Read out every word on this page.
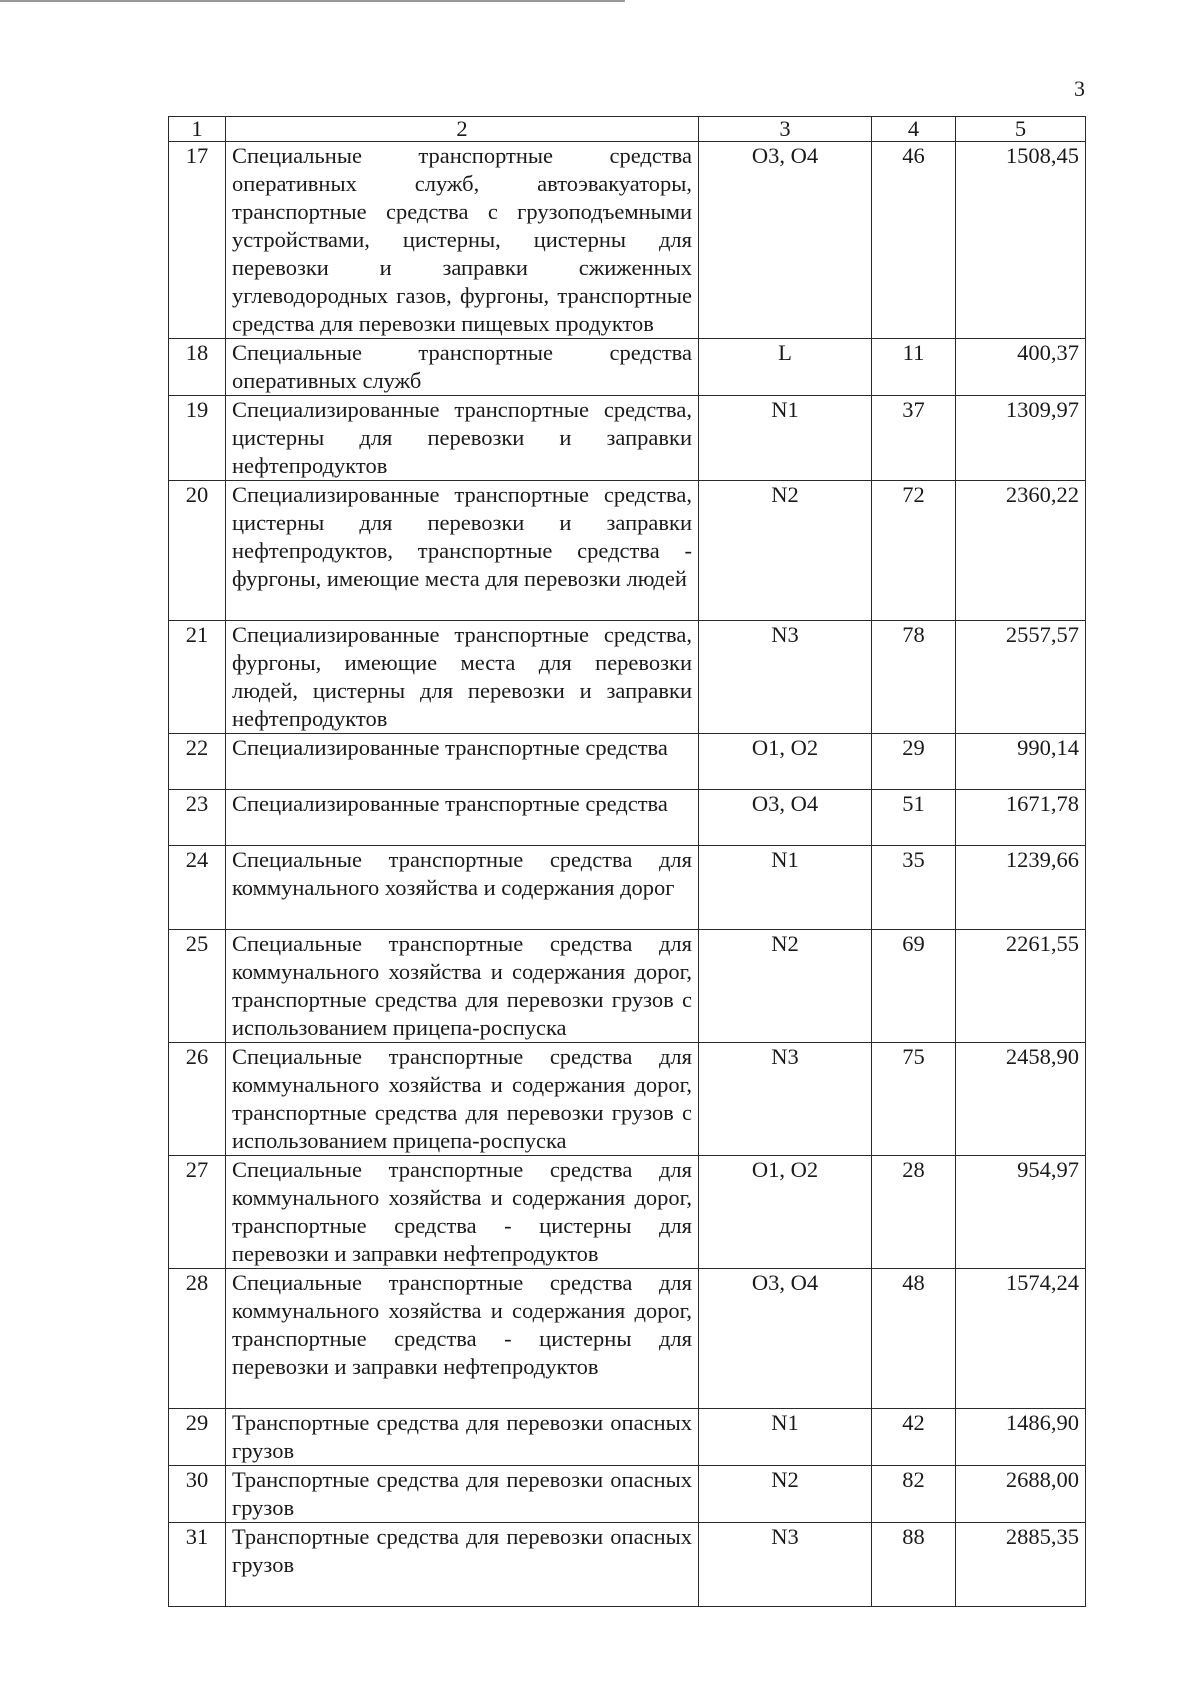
3
1	2	3	4	5
17	Специальные транспортные средства оперативных служб, автоэвакуаторы, транспортные средства с грузоподъемными устройствами, цистерны, цистерны для перевозки и заправки сжиженных углеводородных газов, фургоны, транспортные средства для перевозки пищевых продуктов	О3, О4	46	1508,45
18	Специальные транспортные средства оперативных служб	L	11	400,37
19	Специализированные транспортные средства, цистерны для перевозки и заправки нефтепродуктов	N1	37	1309,97
20	Специализированные транспортные средства, цистерны для перевозки и заправки нефтепродуктов, транспортные средства - фургоны, имеющие места для перевозки людей	N2	72	2360,22
21	Специализированные транспортные средства, фургоны, имеющие места для перевозки людей, цистерны для перевозки и заправки нефтепродуктов	N3	78	2557,57
22	Специализированные транспортные средства	О1, О2	29	990,14
23	Специализированные транспортные средства	О3, О4	51	1671,78
24	Специальные транспортные средства для коммунального хозяйства и содержания дорог	N1	35	1239,66
25	Специальные транспортные средства для коммунального хозяйства и содержания дорог, транспортные средства для перевозки грузов с использованием прицепа-роспуска	N2	69	2261,55
26	Специальные транспортные средства для коммунального хозяйства и содержания дорог, транспортные средства для перевозки грузов с использованием прицепа-роспуска	N3	75	2458,90
27	Специальные транспортные средства для коммунального хозяйства и содержания дорог, транспортные средства - цистерны для перевозки и заправки нефтепродуктов	О1, О2	28	954,97
28	Специальные транспортные средства для коммунального хозяйства и содержания дорог, транспортные средства - цистерны для перевозки и заправки нефтепродуктов	О3, О4	48	1574,24
29	Транспортные средства для перевозки опасных грузов	N1	42	1486,90
30	Транспортные средства для перевозки опасных грузов	N2	82	2688,00
31	Транспортные средства для перевозки опасных грузов	N3	88	2885,35
